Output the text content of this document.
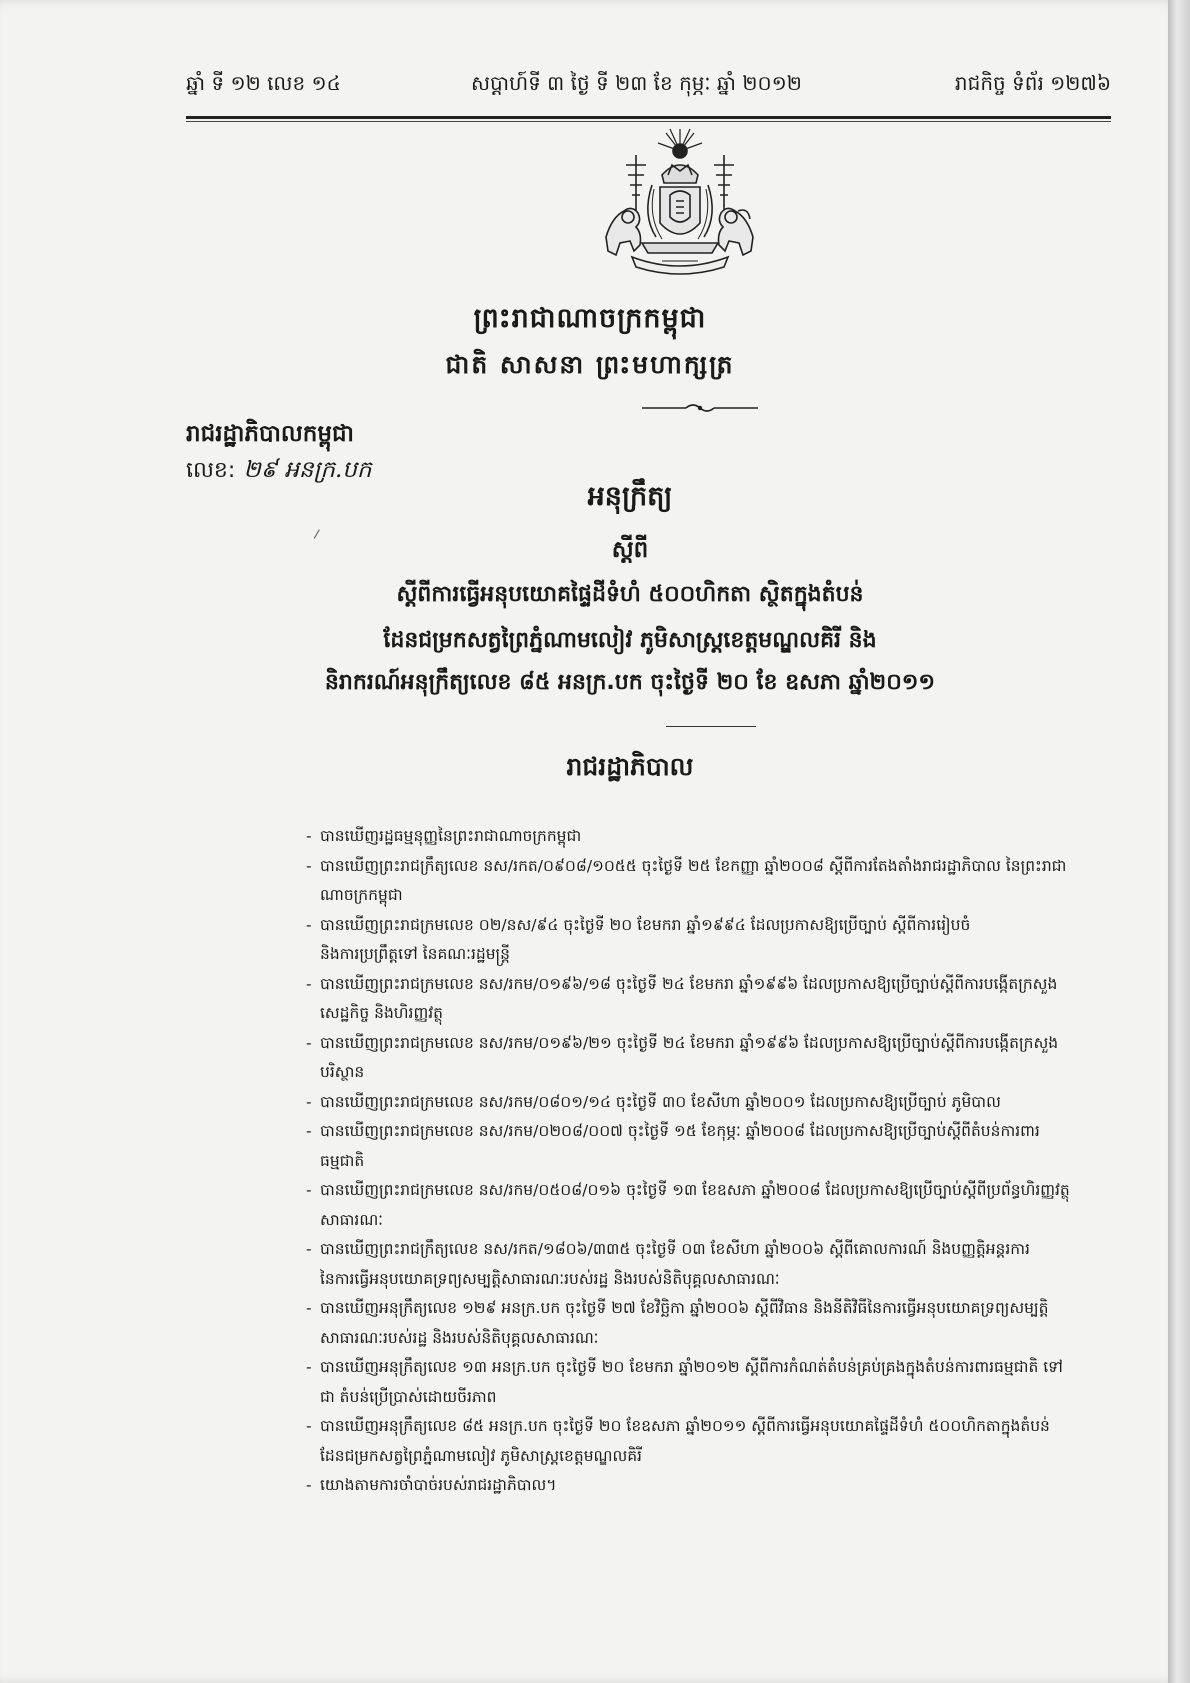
ឆ្នាំ ទី ១២ លេខ ១៤	សប្តាហ៍ទី ៣ ថ្ងៃ ទី ២៣ ខែ កុម្ភៈ ឆ្នាំ ២០១២	រាជកិច្ច ទំព័រ ១២៧៦
ព្រះរាជាណាចក្រកម្ពុជា
ជាតិ សាសនា ព្រះមហាក្សត្រ
រាជរដ្ឋាភិបាលកម្ពុជា
លេខ: ២៩ អនក្រ.បក
អនុក្រឹត្យ
ស្តីពី
ស្តីពីការធ្វើអនុបយោគផ្ទៃដីទំហំ ៥០០ហិកតា ស្ថិតក្នុងតំបន់
ដែនជម្រកសត្វព្រៃភ្នំណាមលៀវ ភូមិសាស្ត្រខេត្តមណ្ឌលគិរី និង
និរាករណ៍អនុក្រឹត្យលេខ ៨៥ អនក្រ.បក ចុះថ្ងៃទី ២០ ខែ ឧសភា ឆ្នាំ២០១១
រាជរដ្ឋាភិបាល
- បានឃើញរដ្ឋធម្មនុញ្ញនៃព្រះរាជាណាចក្រកម្ពុជា
- បានឃើញព្រះរាជក្រឹត្យលេខ នស/រកត/០៩០៨/១០៥៥ ចុះថ្ងៃទី ២៥ ខែកញ្ញា ឆ្នាំ២០០៨ ស្តីពីការតែងតាំងរាជរដ្ឋាភិបាល នៃព្រះរាជា
ណាចក្រកម្ពុជា
- បានឃើញព្រះរាជក្រមលេខ ០២/នស/៩៤ ចុះថ្ងៃទី ២០ ខែមករា ឆ្នាំ១៩៩៤ ដែលប្រកាសឱ្យប្រើច្បាប់ ស្តីពីការរៀបចំ
និងការប្រព្រឹត្តទៅ នៃគណៈរដ្ឋមន្ត្រី
- បានឃើញព្រះរាជក្រមលេខ នស/រកម/០១៩៦/១៨ ចុះថ្ងៃទី ២៤ ខែមករា ឆ្នាំ១៩៩៦ ដែលប្រកាសឱ្យប្រើច្បាប់ស្តីពីការបង្កើតក្រសួង
សេដ្ឋកិច្ច និងហិរញ្ញវត្ថុ
- បានឃើញព្រះរាជក្រមលេខ នស/រកម/០១៩៦/២១ ចុះថ្ងៃទី ២៤ ខែមករា ឆ្នាំ១៩៩៦ ដែលប្រកាសឱ្យប្រើច្បាប់ស្តីពីការបង្កើតក្រសួង
បរិស្ថាន
- បានឃើញព្រះរាជក្រមលេខ នស/រកម/០៨០១/១៤ ចុះថ្ងៃទី ៣០ ខែសីហា ឆ្នាំ២០០១ ដែលប្រកាសឱ្យប្រើច្បាប់ ភូមិបាល
- បានឃើញព្រះរាជក្រមលេខ នស/រកម/០២០៨/០០៧ ចុះថ្ងៃទី ១៥ ខែកុម្ភៈ ឆ្នាំ២០០៨ ដែលប្រកាសឱ្យប្រើច្បាប់ស្តីពីតំបន់ការពារ
ធម្មជាតិ
- បានឃើញព្រះរាជក្រមលេខ នស/រកម/០៥០៨/០១៦ ចុះថ្ងៃទី ១៣ ខែឧសភា ឆ្នាំ២០០៨ ដែលប្រកាសឱ្យប្រើច្បាប់ស្តីពីប្រព័ន្ធហិរញ្ញវត្ថុ
សាធារណៈ
- បានឃើញព្រះរាជក្រឹត្យលេខ នស/រកត/១៨០៦/៣៣៥ ចុះថ្ងៃទី ០៣ ខែសីហា ឆ្នាំ២០០៦ ស្តីពីគោលការណ៍ និងបញ្ញត្តិអន្តរការ
នៃការធ្វើអនុបយោគទ្រព្យសម្បត្តិសាធារណៈរបស់រដ្ឋ និងរបស់និតិបុគ្គលសាធារណៈ
- បានឃើញអនុក្រឹត្យលេខ ១២៩ អនក្រ.បក ចុះថ្ងៃទី ២៧ ខែវិច្ឆិកា ឆ្នាំ២០០៦ ស្តីពីវិធាន និងនីតិវិធីនៃការធ្វើអនុបយោគទ្រព្យសម្បត្តិ
សាធារណៈរបស់រដ្ឋ និងរបស់និតិបុគ្គលសាធារណៈ
- បានឃើញអនុក្រឹត្យលេខ ១៣ អនក្រ.បក ចុះថ្ងៃទី ២០ ខែមករា ឆ្នាំ២០១២ ស្តីពីការកំណត់តំបន់គ្រប់គ្រងក្នុងតំបន់ការពារធម្មជាតិ ទៅ
ជា តំបន់ប្រើប្រាស់ដោយចីរភាព
- បានឃើញអនុក្រឹត្យលេខ ៨៥ អនក្រ.បក ចុះថ្ងៃទី ២០ ខែឧសភា ឆ្នាំ២០១១ ស្តីពីការធ្វើអនុបយោគផ្ទៃដីទំហំ ៥០០ហិកតាក្នុងតំបន់
ដែនជម្រកសត្វព្រៃភ្នំណាមលៀវ ភូមិសាស្ត្រខេត្តមណ្ឌលគិរី
- យោងតាមការចាំបាច់របស់រាជរដ្ឋាភិបាល។
